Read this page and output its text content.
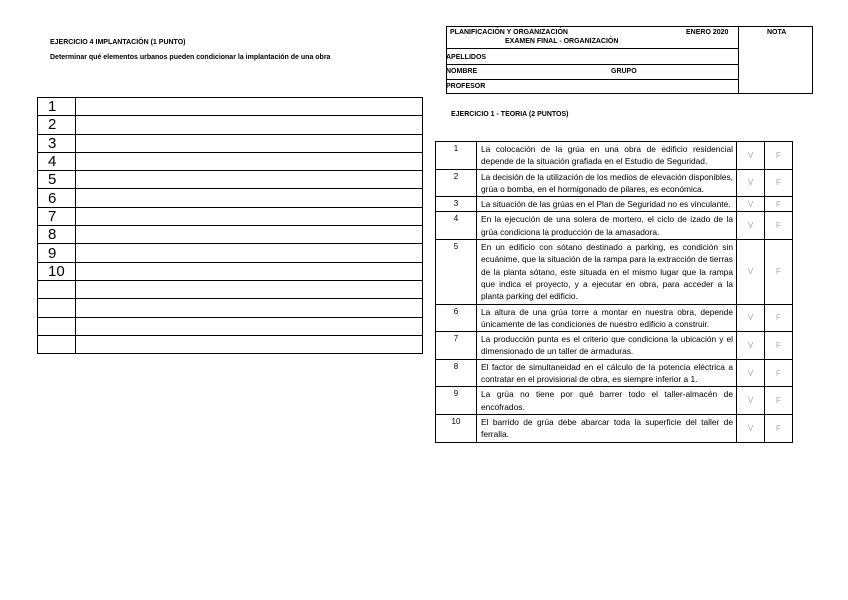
EJERCICIO 4 IMPLANTACIÓN (1 PUNTO)
Determinar qué elementos urbanos pueden condicionar la implantación de una obra
1	
2	
3	
4	
5	
6	
7	
8	
9	
10	

PLANIFICACIÓN Y ORGANIZACIÓN	ENERO 2020	NOTA
EXAMEN FINAL - ORGANIZACIÓN
APELLIDOS
NOMBRE	GRUPO
PROFESOR
EJERCICIO 1 - TEORIA (2 PUNTOS)
1	La colocación de la grúa en una obra de edificio residencial depende de la situación grafiada en el Estudio de Seguridad.	V	F
2	La decisión de la utilización de los medios de elevación disponibles, grúa o bomba, en el hormigonado de pilares, es económica.	V	F
3	La situación de las grúas en el Plan de Seguridad no es vinculante.	V	F
4	En la ejecución de una solera de mortero, el ciclo de izado de la grúa condiciona la producción de la amasadora.	V	F
5	En un edificio con sótano destinado a parking, es condición sin ecuánime, que la situación de la rampa para la extracción de tierras de la planta sótano, este situada en el mismo lugar que la rampa que indica el proyecto, y a ejecutar en obra, para acceder a la planta parking del edificio.	V	F
6	La altura de una grúa torre a montar en nuestra obra, depende únicamente de las condiciones de nuestro edificio a construir.	V	F
7	La producción punta es el criterio que condiciona la ubicación y el dimensionado de un taller de armaduras.	V	F
8	El factor de simultaneidad en el cálculo de la potencia eléctrica a contratar en el provisional de obra, es siempre inferior a 1.	V	F
9	La grúa no tiene por qué barrer todo el taller-almacén de encofrados.	V	F
10	El barrido de grúa debe abarcar toda la superficie del taller de ferralla.	V	F
